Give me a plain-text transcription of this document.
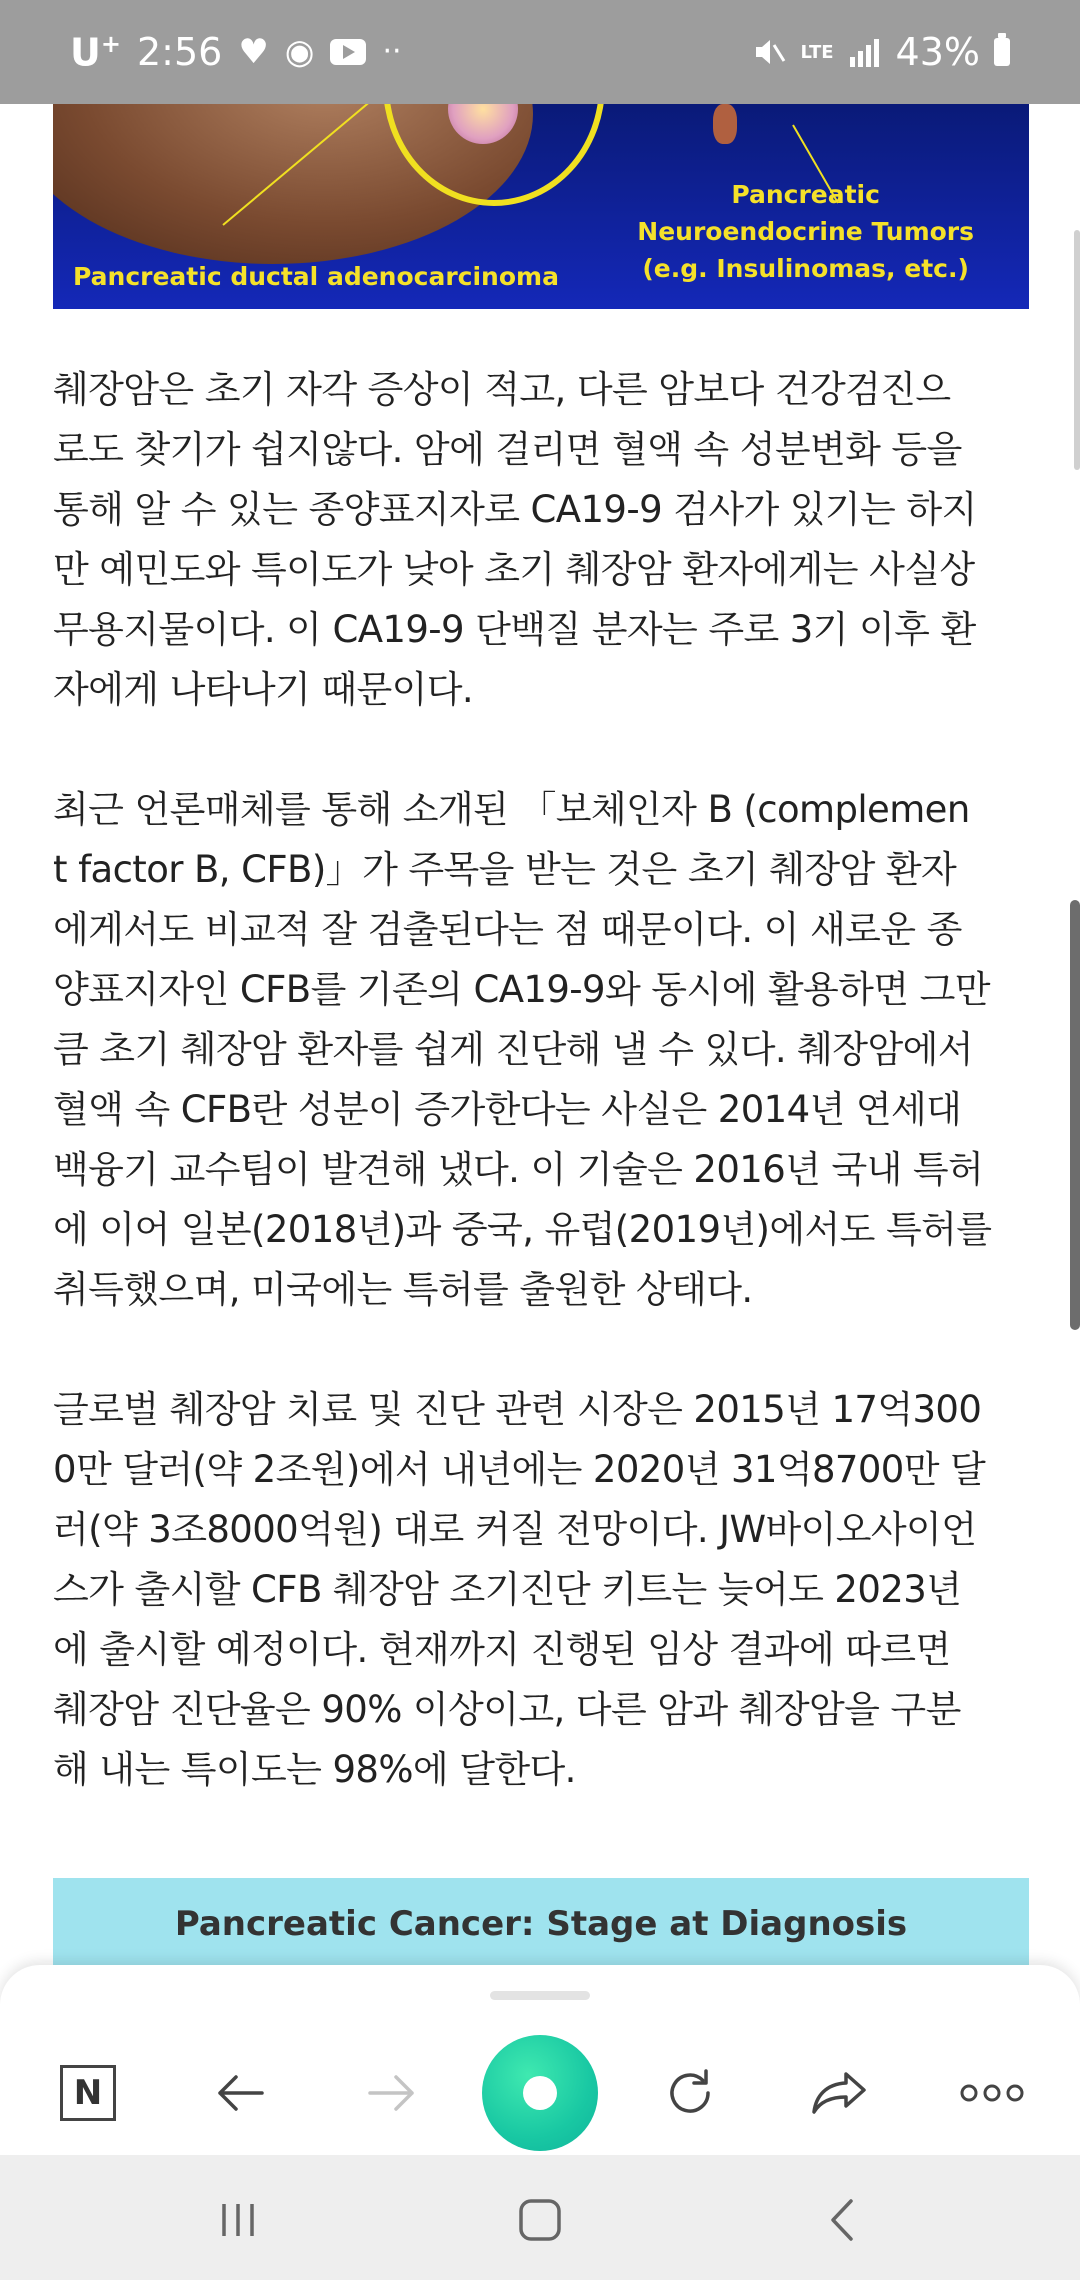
U+ 2:56 ♥ ◉ ··	LTE 43%
Pancreatic ductal adenocarcinoma
Pancreatic
Neuroendocrine Tumors
(e.g. Insulinomas, etc.)

췌장암은 초기 자각 증상이 적고, 다른 암보다 건강검진으
로도 찾기가 쉽지않다. 암에 걸리면 혈액 속 성분변화 등을
통해 알 수 있는 종양표지자로 CA19-9 검사가 있기는 하지
만 예민도와 특이도가 낮아 초기 췌장암 환자에게는 사실상
무용지물이다. 이 CA19-9 단백질 분자는 주로 3기 이후 환
자에게 나타나기 때문이다.

최근 언론매체를 통해 소개된 「보체인자 B (complemen
t factor B, CFB)」가 주목을 받는 것은 초기 췌장암 환자
에게서도 비교적 잘 검출된다는 점 때문이다. 이 새로운 종
양표지자인 CFB를 기존의 CA19-9와 동시에 활용하면 그만
큼 초기 췌장암 환자를 쉽게 진단해 낼 수 있다. 췌장암에서
혈액 속 CFB란 성분이 증가한다는 사실은 2014년 연세대
백융기 교수팀이 발견해 냈다. 이 기술은 2016년 국내 특허
에 이어 일본(2018년)과 중국, 유럽(2019년)에서도 특허를
취득했으며, 미국에는 특허를 출원한 상태다.

글로벌 췌장암 치료 및 진단 관련 시장은 2015년 17억300
0만 달러(약 2조원)에서 내년에는 2020년 31억8700만 달
러(약 3조8000억원) 대로 커질 전망이다. JW바이오사이언
스가 출시할 CFB 췌장암 조기진단 키트는 늦어도 2023년
에 출시할 예정이다. 현재까지 진행된 임상 결과에 따르면
췌장암 진단율은 90% 이상이고, 다른 암과 췌장암을 구분
해 내는 특이도는 98%에 달한다.

Pancreatic Cancer: Stage at Diagnosis
N
